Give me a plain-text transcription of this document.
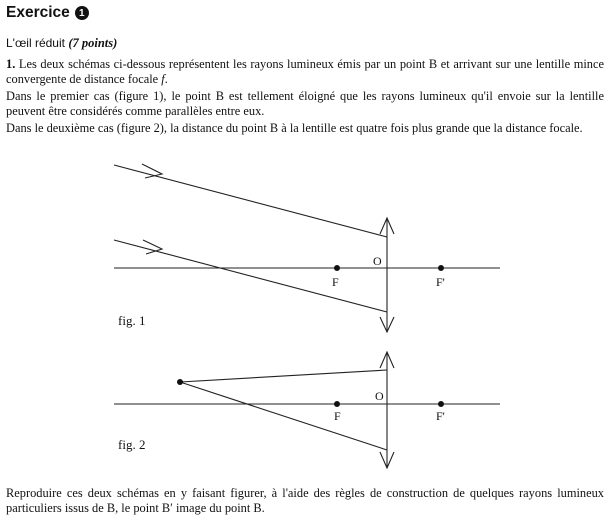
Exercice 1
L'œil réduit (7 points)

1. Les deux schémas ci-dessous représentent les rayons lumineux émis par un point B et arrivant sur une lentille mince convergente de distance focale f.

Dans le premier cas (figure 1), le point B est tellement éloigné que les rayons lumineux qu'il envoie sur la lentille peuvent être considérés comme parallèles entre eux.

Dans le deuxième cas (figure 2), la distance du point B à la lentille est quatre fois plus grande que la distance focale.

O
F	F'
fig. 1
O
F	F'
fig. 2

Reproduire ces deux schémas en y faisant figurer, à l'aide des règles de construction de quelques rayons lumineux particuliers issus de B, le point B′ image du point B.
